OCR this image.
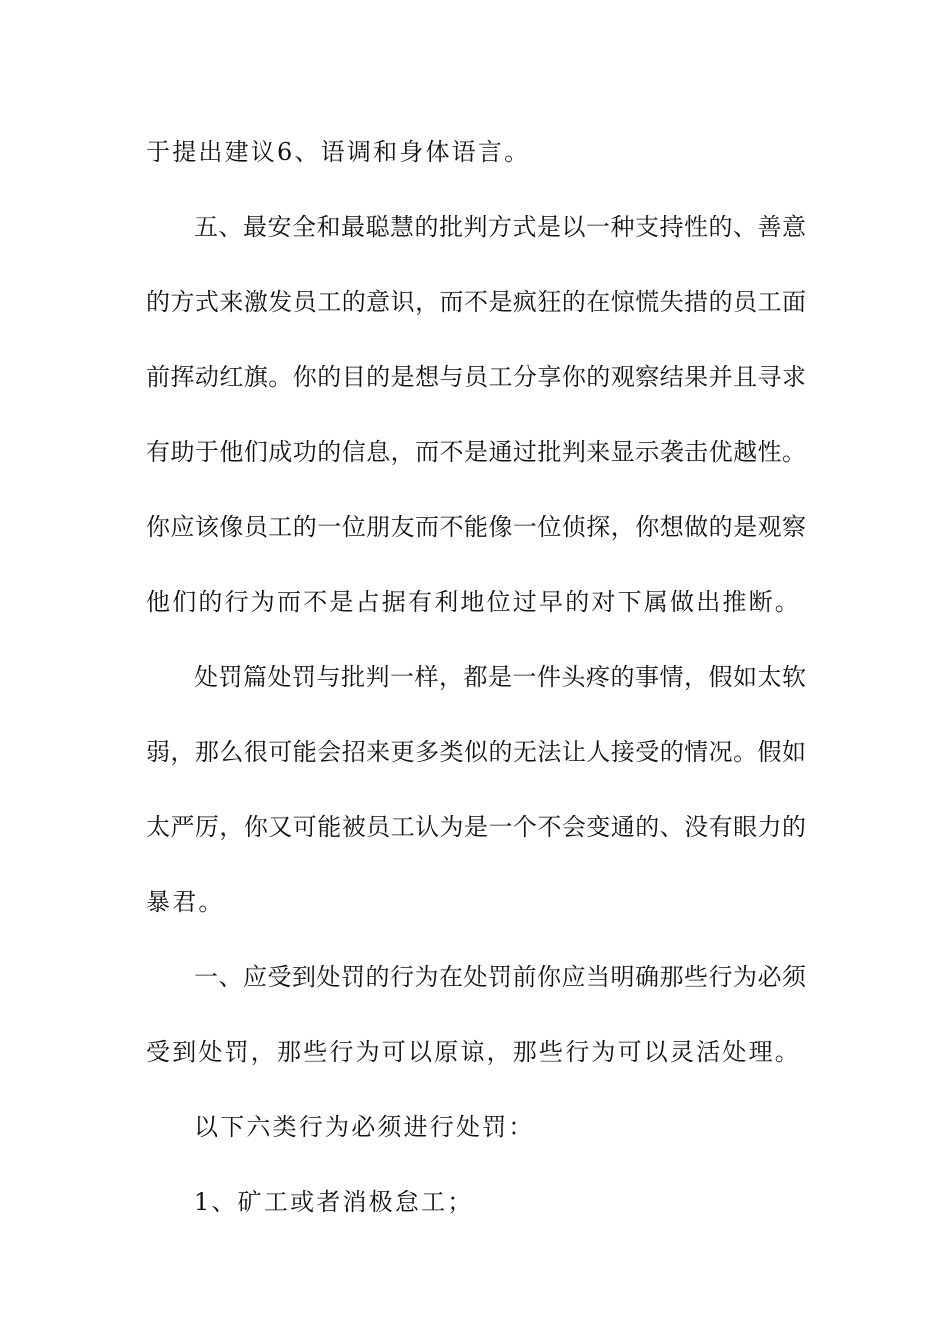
于提出建议6、语调和身体语言。
五、最安全和最聪慧的批判方式是以一种支持性的、善意
的方式来激发员工的意识，而不是疯狂的在惊慌失措的员工面
前挥动红旗。你的目的是想与员工分享你的观察结果并且寻求
有助于他们成功的信息，而不是通过批判来显示袭击优越性。
你应该像员工的一位朋友而不能像一位侦探，你想做的是观察
他们的行为而不是占据有利地位过早的对下属做出推断。
处罚篇处罚与批判一样，都是一件头疼的事情，假如太软
弱，那么很可能会招来更多类似的无法让人接受的情况。假如
太严厉，你又可能被员工认为是一个不会变通的、没有眼力的
暴君。
一、应受到处罚的行为在处罚前你应当明确那些行为必须
受到处罚，那些行为可以原谅，那些行为可以灵活处理。
以下六类行为必须进行处罚：
1、矿工或者消极怠工；
